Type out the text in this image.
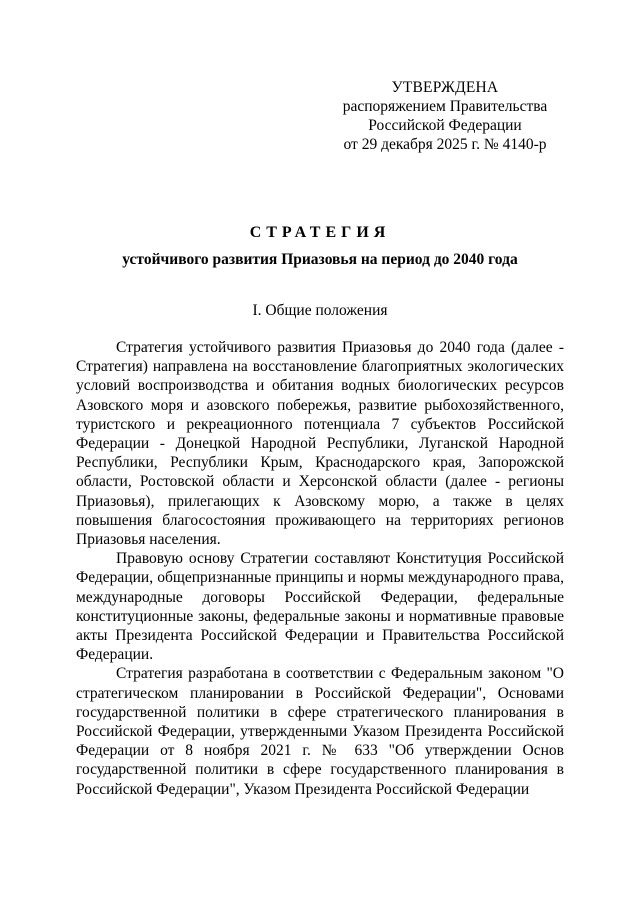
УТВЕРЖДЕНА
распоряжением Правительства
Российской Федерации
от 29 декабря 2025 г. № 4140-р
СТРАТЕГИЯ
устойчивого развития Приазовья на период до 2040 года
I. Общие положения

Стратегия устойчивого развития Приазовья до 2040 года (далее - Стратегия) направлена на восстановление благоприятных экологических условий воспроизводства и обитания водных биологических ресурсов Азовского моря и азовского побережья, развитие рыбохозяйственного, туристского и рекреационного потенциала 7 субъектов Российской Федерации - Донецкой Народной Республики, Луганской Народной Республики, Республики Крым, Краснодарского края, Запорожской области, Ростовской области и Херсонской области (далее - регионы Приазовья), прилегающих к Азовскому морю, а также в целях повышения благосостояния проживающего на территориях регионов Приазовья населения.

Правовую основу Стратегии составляют Конституция Российской Федерации, общепризнанные принципы и нормы международного права, международные договоры Российской Федерации, федеральные конституционные законы, федеральные законы и нормативные правовые акты Президента Российской Федерации и Правительства Российской Федерации.

Стратегия разработана в соответствии с Федеральным законом "О стратегическом планировании в Российской Федерации", Основами государственной политики в сфере стратегического планирования в Российской Федерации, утвержденными Указом Президента Российской Федерации от 8 ноября 2021 г. № 633 "Об утверждении Основ государственной политики в сфере государственного планирования в Российской Федерации", Указом Президента Российской Федерации
